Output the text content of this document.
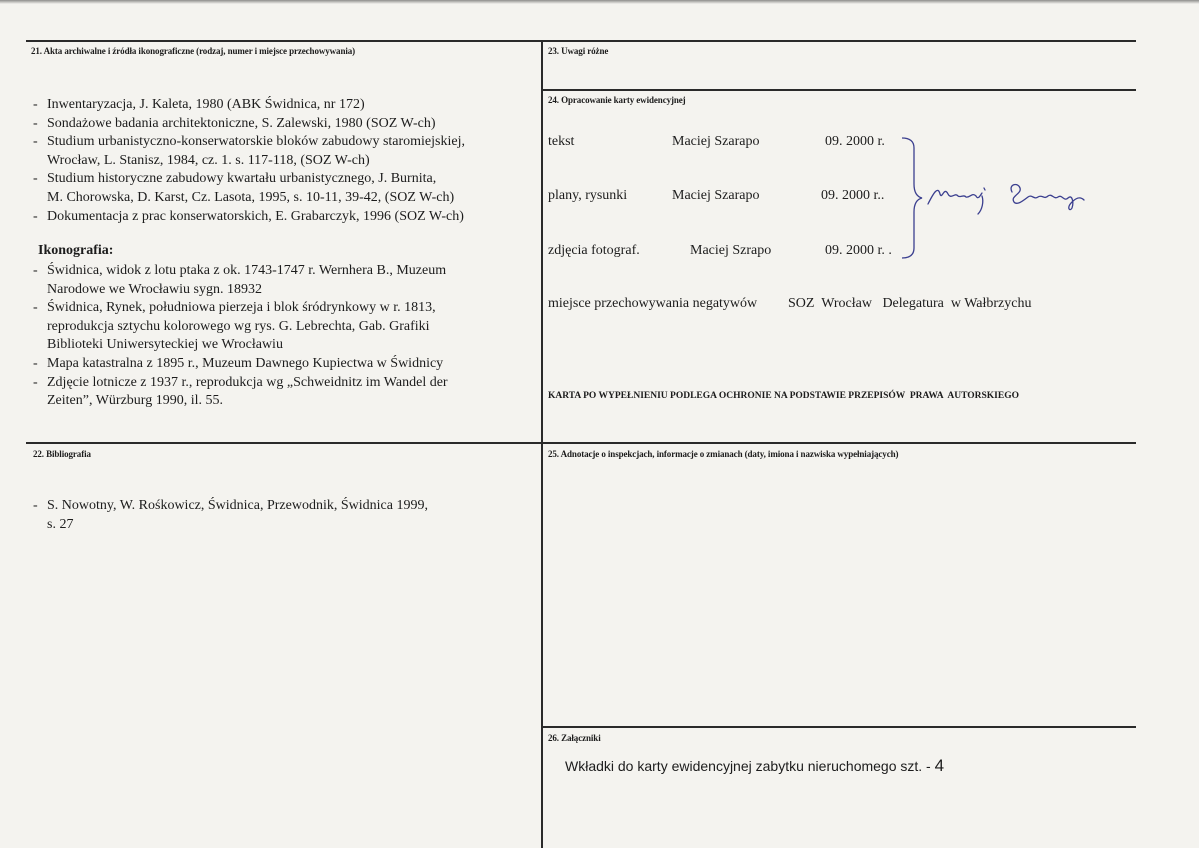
21. Akta archiwalne i źródła ikonograficzne (rodzaj, numer i miejsce przechowywania)
- Inwentaryzacja, J. Kaleta, 1980 (ABK Świdnica, nr 172)
- Sondażowe badania architektoniczne, S. Zalewski, 1980 (SOZ W-ch)
- Studium urbanistyczno-konserwatorskie bloków zabudowy staromiejskiej,
Wrocław, L. Stanisz, 1984, cz. 1. s. 117-118, (SOZ W-ch)
- Studium historyczne zabudowy kwartału urbanistycznego, J. Burnita,
M. Chorowska, D. Karst, Cz. Lasota, 1995, s. 10-11, 39-42, (SOZ W-ch)
- Dokumentacja z prac konserwatorskich, E. Grabarczyk, 1996 (SOZ W-ch)
Ikonografia:
- Świdnica, widok z lotu ptaka z ok. 1743-1747 r. Wernhera B., Muzeum
Narodowe we Wrocławiu sygn. 18932
- Świdnica, Rynek, południowa pierzeja i blok śródrynkowy w r. 1813,
reprodukcja sztychu kolorowego wg rys. G. Lebrechta, Gab. Grafiki
Biblioteki Uniwersyteckiej we Wrocławiu
- Mapa katastralna z 1895 r., Muzeum Dawnego Kupiectwa w Świdnicy
- Zdjęcie lotnicze z 1937 r., reprodukcja wg „Schweidnitz im Wandel der
Zeiten”, Würzburg 1990, il. 55.
22. Bibliografia
- S. Nowotny, W. Rośkowicz, Świdnica, Przewodnik, Świdnica 1999,
s. 27
23. Uwagi różne
24. Opracowanie karty ewidencyjnej
tekst	Maciej Szarapo	09. 2000 r.
plany, rysunki	Maciej Szarapo	09. 2000 r..
zdjęcia fotograf.	Maciej Szrapo	09. 2000 r. .
miejsce przechowywania negatywów SOZ  Wrocław   Delegatura  w Wałbrzychu
KARTA PO WYPEŁNIENIU PODLEGA OCHRONIE NA PODSTAWIE PRZEPISÓW  PRAWA  AUTORSKIEGO
25. Adnotacje o inspekcjach, informacje o zmianach (daty, imiona i nazwiska wypełniających)
26. Załączniki
Wkładki do karty ewidencyjnej zabytku nieruchomego szt. - 4
